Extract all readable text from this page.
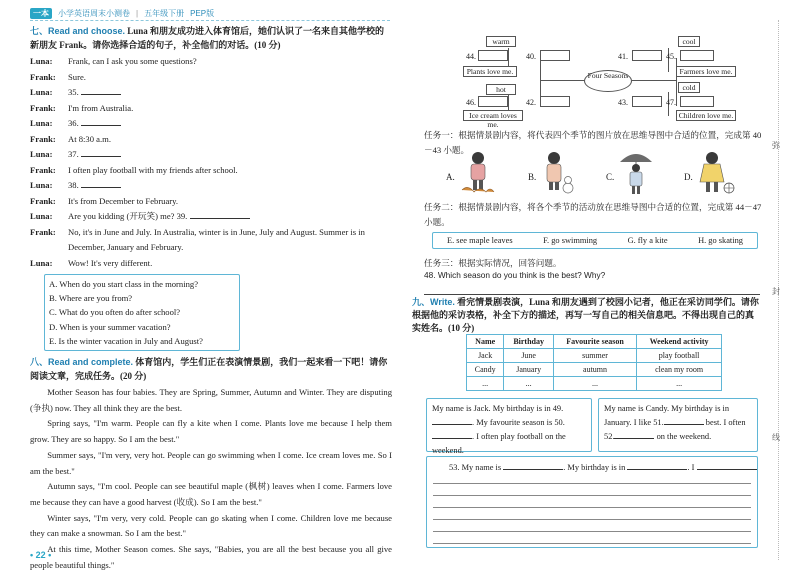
一本	小学英语周末小测卷 | 五年级下册 PEP版
七、Read and choose. Luna 和朋友成功进入体育馆后，她们认识了一名来自其他学校的新朋友 Frank。请你选择合适的句子，补全他们的对话。(10 分)
Luna:	Frank, can I ask you some questions?
Frank:	Sure.
Luna:	35.
Frank:	I'm from Australia.
Luna:	36.
Frank:	At 8:30 a.m.
Luna:	37.
Frank:	I often play football with my friends after school.
Luna:	38.
Frank:	It's from December to February.
Luna:	Are you kidding (开玩笑) me? 39.
Frank:	No, it's in June and July. In Australia, winter is in June, July and August. Summer is in December, January and February.
Luna:	Wow! It's very different.
A. When do you start class in the morning?
B. Where are you from?
C. What do you often do after school?
D. When is your summer vacation?
E. Is the winter vacation in July and August?
八、Read and complete. 体育馆内，学生们正在表演情景剧，我们一起来看一下吧！请你阅读文章，完成任务。(20 分)

Mother Season has four babies. They are Spring, Summer, Autumn and Winter. They are disputing (争执) now. They all think they are the best.

Spring says, "I'm warm. People can fly a kite when I come. Plants love me because I help them grow. They are so happy. So I am the best."

Summer says, "I'm very, very hot. People can go swimming when I come. Ice cream loves me. So I am the best."

Autumn says, "I'm cool. People can see beautiful maple (枫树) leaves when I come. Farmers love me because they can have a good harvest (收成). So I am the best."

Winter says, "I'm very, very cold. People can go skating when I come. Children love me because they can make a snowman. So I am the best."

At this time, Mother Season comes. She says, "Babies, you are all the best because you all give people beautiful things."

• 22 •
44.
warm
Plants love me.
40.
46.
hot
Ice cream loves me.
42.
Four Seasons
41.
cool
45.
Farmers love me.
43.
cold
47.
Children love me.
任务一：根据情景剧内容，将代表四个季节的图片放在思维导图中合适的位置，完成第 40－43 小题。
A.	B.	C.	D.
任务二：根据情景剧内容，将各个季节的活动放在思维导图中合适的位置，完成第 44－47 小题。
E. see maple leaves	F. go swimming	G. fly a kite	H. go skating
任务三：根据实际情况，回答问题。
48. Which season do you think is the best? Why?
九、Write. 看完情景剧表演，Luna 和朋友遇到了校园小记者，他正在采访同学们。请你根据他的采访表格，补全下方的描述，再写一写自己的相关信息吧。不得出现自己的真实姓名。(10 分)
Name	Birthday	Favourite season	Weekend activity
Jack	June	summer	play football
Candy	January	autumn	clean my room
...	...	...	...
My name is Jack. My birthday is in 49.. My favourite season is 50.. I often play football on the weekend.
My name is Candy. My birthday is in January. I like 51.	best. I often 52.	on the weekend.
53. My name is	. My birthday is in	. I
弥
封
线
